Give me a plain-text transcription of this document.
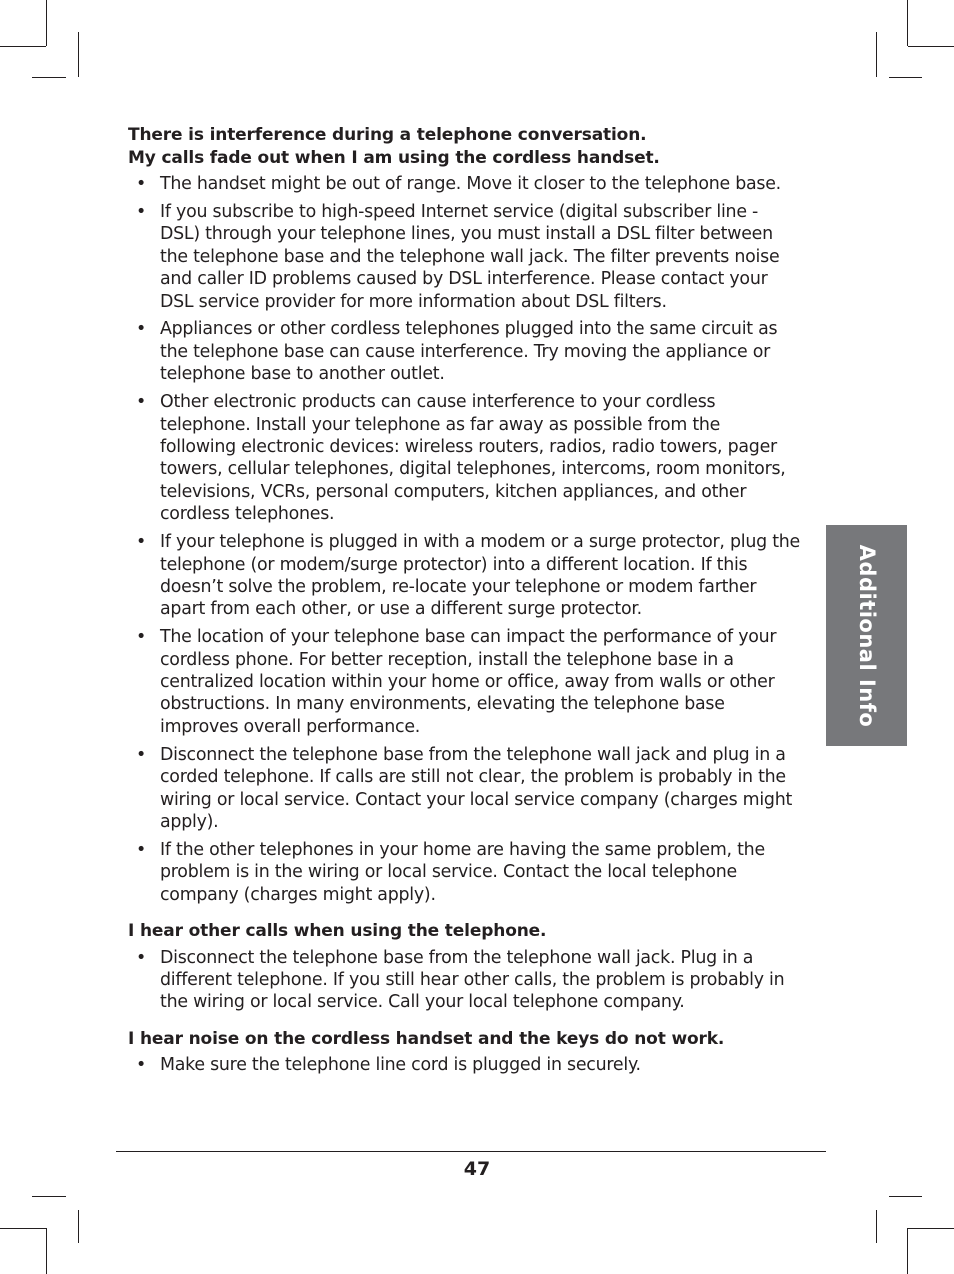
There is interference during a telephone conversation.
My calls fade out when I am using the cordless handset.
• The handset might be out of range. Move it closer to the telephone base.
• If you subscribe to high-speed Internet service (digital subscriber line - DSL) through your telephone lines, you must install a DSL filter between the telephone base and the telephone wall jack. The filter prevents noise and caller ID problems caused by DSL interference. Please contact your DSL service provider for more information about DSL filters.
• Appliances or other cordless telephones plugged into the same circuit as the telephone base can cause interference. Try moving the appliance or telephone base to another outlet.
• Other electronic products can cause interference to your cordless telephone. Install your telephone as far away as possible from the following electronic devices: wireless routers, radios, radio towers, pager towers, cellular telephones, digital telephones, intercoms, room monitors, televisions, VCRs, personal computers, kitchen appliances, and other cordless telephones.
• If your telephone is plugged in with a modem or a surge protector, plug the telephone (or modem/surge protector) into a different location. If this doesn’t solve the problem, re-locate your telephone or modem farther apart from each other, or use a different surge protector.
• The location of your telephone base can impact the performance of your cordless phone. For better reception, install the telephone base in a centralized location within your home or office, away from walls or other obstructions. In many environments, elevating the telephone base improves overall performance.
• Disconnect the telephone base from the telephone wall jack and plug in a corded telephone. If calls are still not clear, the problem is probably in the wiring or local service. Contact your local service company (charges might apply).
• If the other telephones in your home are having the same problem, the problem is in the wiring or local service. Contact the local telephone company (charges might apply).
I hear other calls when using the telephone.
• Disconnect the telephone base from the telephone wall jack. Plug in a different telephone. If you still hear other calls, the problem is probably in the wiring or local service. Call your local telephone company.
I hear noise on the cordless handset and the keys do not work.
• Make sure the telephone line cord is plugged in securely.
Additional Info
47
